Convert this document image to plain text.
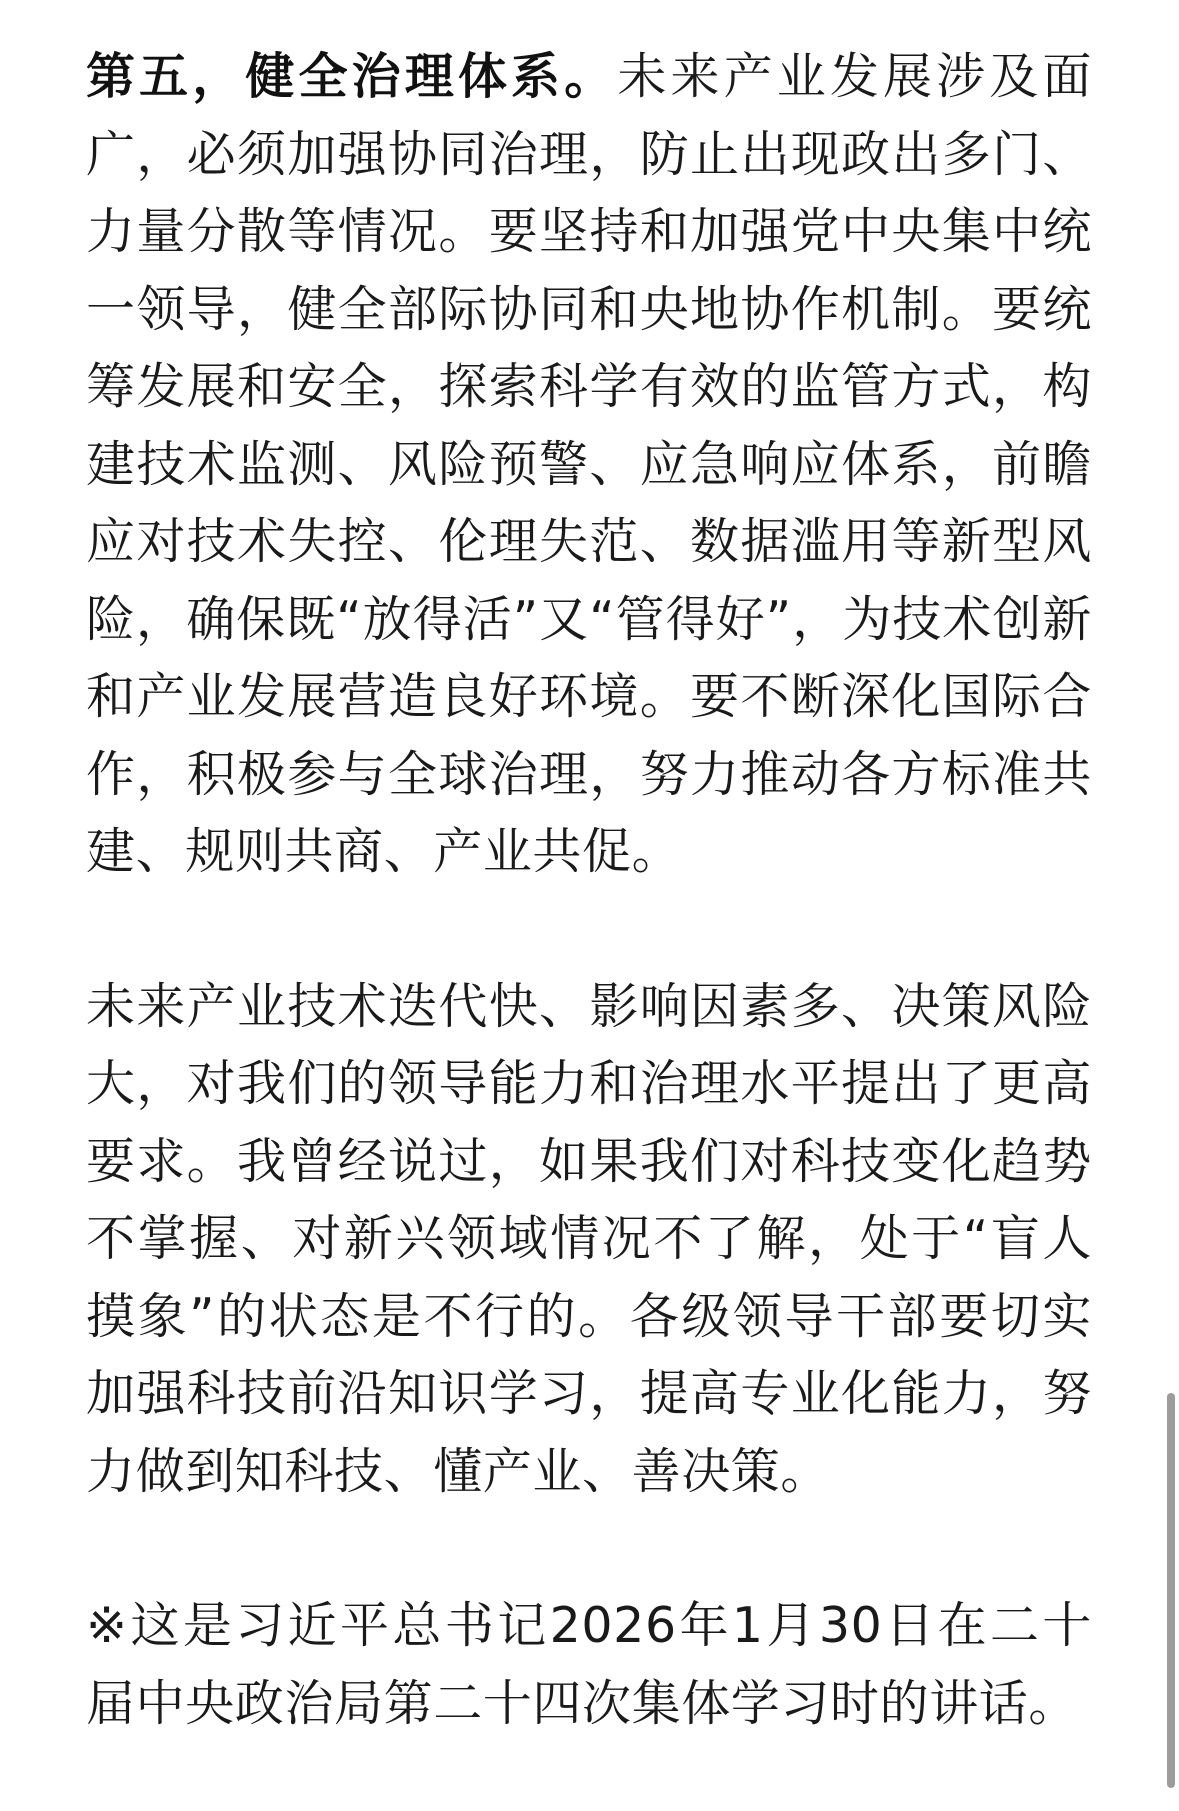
第五，健全治理体系。未来产业发展涉及面广，必须加强协同治理，防止出现政出多门、力量分散等情况。要坚持和加强党中央集中统一领导，健全部际协同和央地协作机制。要统筹发展和安全，探索科学有效的监管方式，构建技术监测、风险预警、应急响应体系，前瞻应对技术失控、伦理失范、数据滥用等新型风险，确保既“放得活”又“管得好”，为技术创新和产业发展营造良好环境。要不断深化国际合作，积极参与全球治理，努力推动各方标准共建、规则共商、产业共促。

未来产业技术迭代快、影响因素多、决策风险大，对我们的领导能力和治理水平提出了更高要求。我曾经说过，如果我们对科技变化趋势不掌握、对新兴领域情况不了解，处于“盲人摸象”的状态是不行的。各级领导干部要切实加强科技前沿知识学习，提高专业化能力，努力做到知科技、懂产业、善决策。

※这是习近平总书记2026年1月30日在二十届中央政治局第二十四次集体学习时的讲话。
